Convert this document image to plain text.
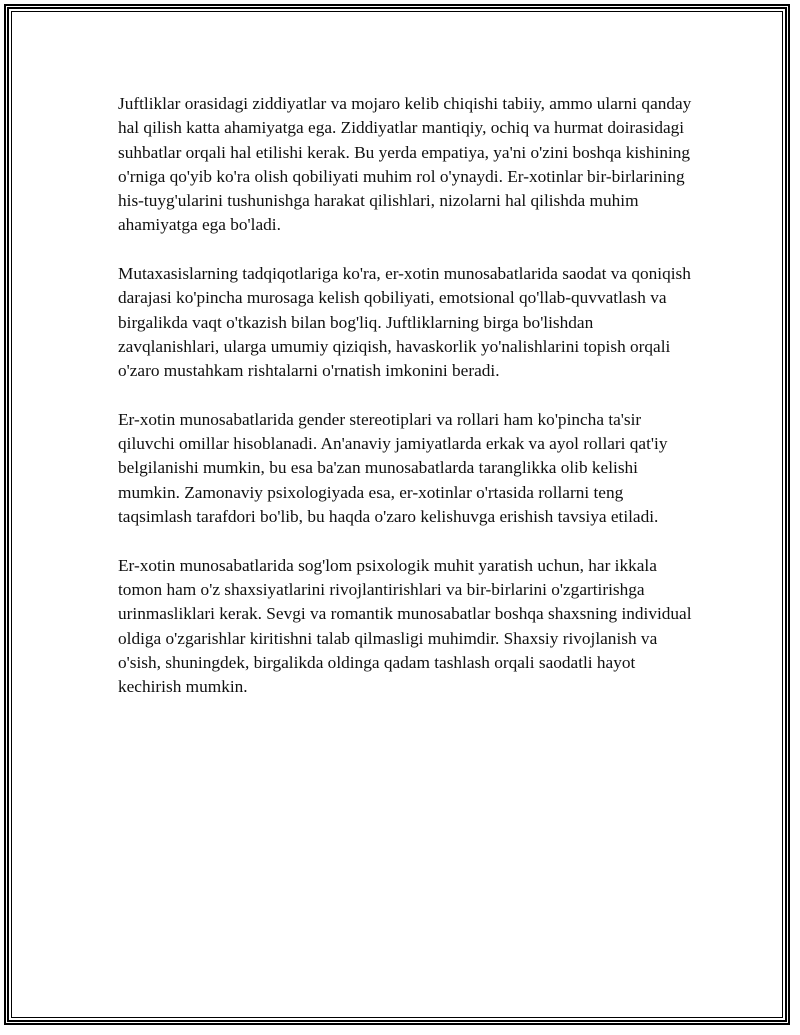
Juftliklar orasidagi ziddiyatlar va mojaro kelib chiqishi tabiiy, ammo ularni qanday hal qilish katta ahamiyatga ega. Ziddiyatlar mantiqiy, ochiq va hurmat doirasidagi suhbatlar orqali hal etilishi kerak. Bu yerda empatiya, ya'ni o'zini boshqa kishining o'rniga qo'yib ko'ra olish qobiliyati muhim rol o'ynaydi. Er-xotinlar bir-birlarining his-tuyg'ularini tushunishga harakat qilishlari, nizolarni hal qilishda muhim ahamiyatga ega bo'ladi.

Mutaxasislarning tadqiqotlariga ko'ra, er-xotin munosabatlarida saodat va qoniqish darajasi ko'pincha murosaga kelish qobiliyati, emotsional qo'llab-quvvatlash va birgalikda vaqt o'tkazish bilan bog'liq. Juftliklarning birga bo'lishdan zavqlanishlari, ularga umumiy qiziqish, havaskorlik yo'nalishlarini topish orqali o'zaro mustahkam rishtalarni o'rnatish imkonini beradi.

Er-xotin munosabatlarida gender stereotiplari va rollari ham ko'pincha ta'sir qiluvchi omillar hisoblanadi. An'anaviy jamiyatlarda erkak va ayol rollari qat'iy belgilanishi mumkin, bu esa ba'zan munosabatlarda taranglikka olib kelishi mumkin. Zamonaviy psixologiyada esa, er-xotinlar o'rtasida rollarni teng taqsimlash tarafdori bo'lib, bu haqda o'zaro kelishuvga erishish tavsiya etiladi.

Er-xotin munosabatlarida sog'lom psixologik muhit yaratish uchun, har ikkala tomon ham o'z shaxsiyatlarini rivojlantirishlari va bir-birlarini o'zgartirishga urinmasliklari kerak. Sevgi va romantik munosabatlar boshqa shaxsning individual oldiga o'zgarishlar kiritishni talab qilmasligi muhimdir. Shaxsiy rivojlanish va o'sish, shuningdek, birgalikda oldinga qadam tashlash orqali saodatli hayot kechirish mumkin.
